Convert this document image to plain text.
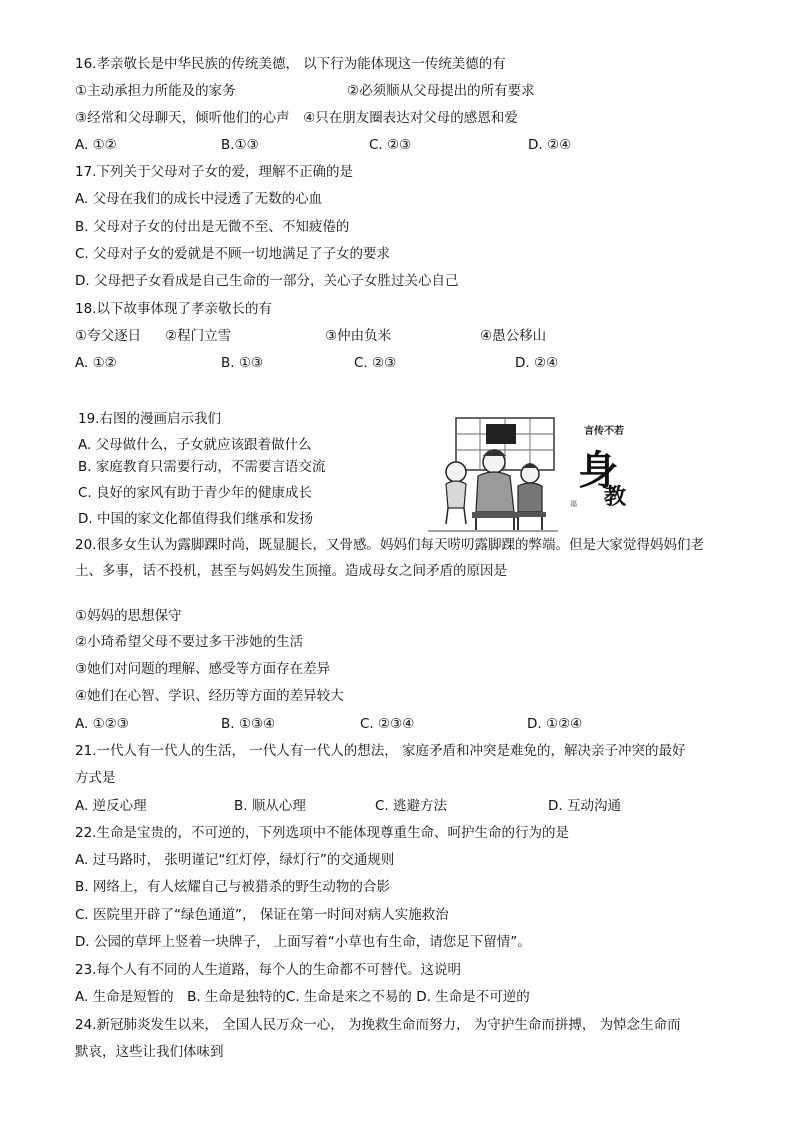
16.孝亲敬长是中华民族的传统美德， 以下行为能体现这一传统美德的有
①主动承担力所能及的家务	②必须顺从父母提出的所有要求
③经常和父母聊天，倾听他们的心声　④只在朋友圈表达对父母的感恩和爱
A. ①②	B.①③	C. ②③	D. ②④
17.下列关于父母对子女的爱，理解不正确的是
A. 父母在我们的成长中浸透了无数的心血
B. 父母对子女的付出是无微不至、不知疲倦的
C. 父母对子女的爱就是不顾一切地满足了子女的要求
D. 父母把子女看成是自己生命的一部分，关心子女胜过关心自己
18.以下故事体现了孝亲敬长的有
①夸父逐日 ②程门立雪	③仲由负米	④愚公移山
A. ①②	B. ①③	C. ②③	D. ②④
19.右图的漫画启示我们
A. 父母做什么，子女就应该跟着做什么
B. 家庭教育只需要行动，不需要言语交流
C. 良好的家风有助于青少年的健康成长
D. 中国的家文化都值得我们继承和发扬
言传不若
身
教
福
20.很多女生认为露脚踝时尚，既显腿长，又骨感。妈妈们每天唠叨露脚踝的弊端。但是大家觉得妈妈们老
土、多事，话不投机，甚至与妈妈发生顶撞。造成母女之间矛盾的原因是
①妈妈的思想保守
②小琦希望父母不要过多干涉她的生活
③她们对问题的理解、感受等方面存在差异
④她们在心智、学识、经历等方面的差异较大
A. ①②③	B. ①③④	C. ②③④	D. ①②④
21.一代人有一代人的生活， 一代人有一代人的想法， 家庭矛盾和冲突是难免的，解决亲子冲突的最好
方式是
A. 逆反心理	B. 顺从心理	C. 逃避方法	D. 互动沟通
22.生命是宝贵的，不可逆的，下列选项中不能体现尊重生命、呵护生命的行为的是
A. 过马路时， 张明谨记“红灯停，绿灯行”的交通规则
B. 网络上，有人炫耀自己与被猎杀的野生动物的合影
C. 医院里开辟了“绿色通道”， 保证在第一时间对病人实施救治
D. 公园的草坪上竖着一块牌子， 上面写着“小草也有生命，请您足下留情”。
23.每个人有不同的人生道路，每个人的生命都不可替代。这说明
A. 生命是短暂的　B. 生命是独特的C. 生命是来之不易的 D. 生命是不可逆的
24.新冠肺炎发生以来， 全国人民万众一心， 为挽救生命而努力， 为守护生命而拼搏， 为悼念生命而
默哀，这些让我们体味到
